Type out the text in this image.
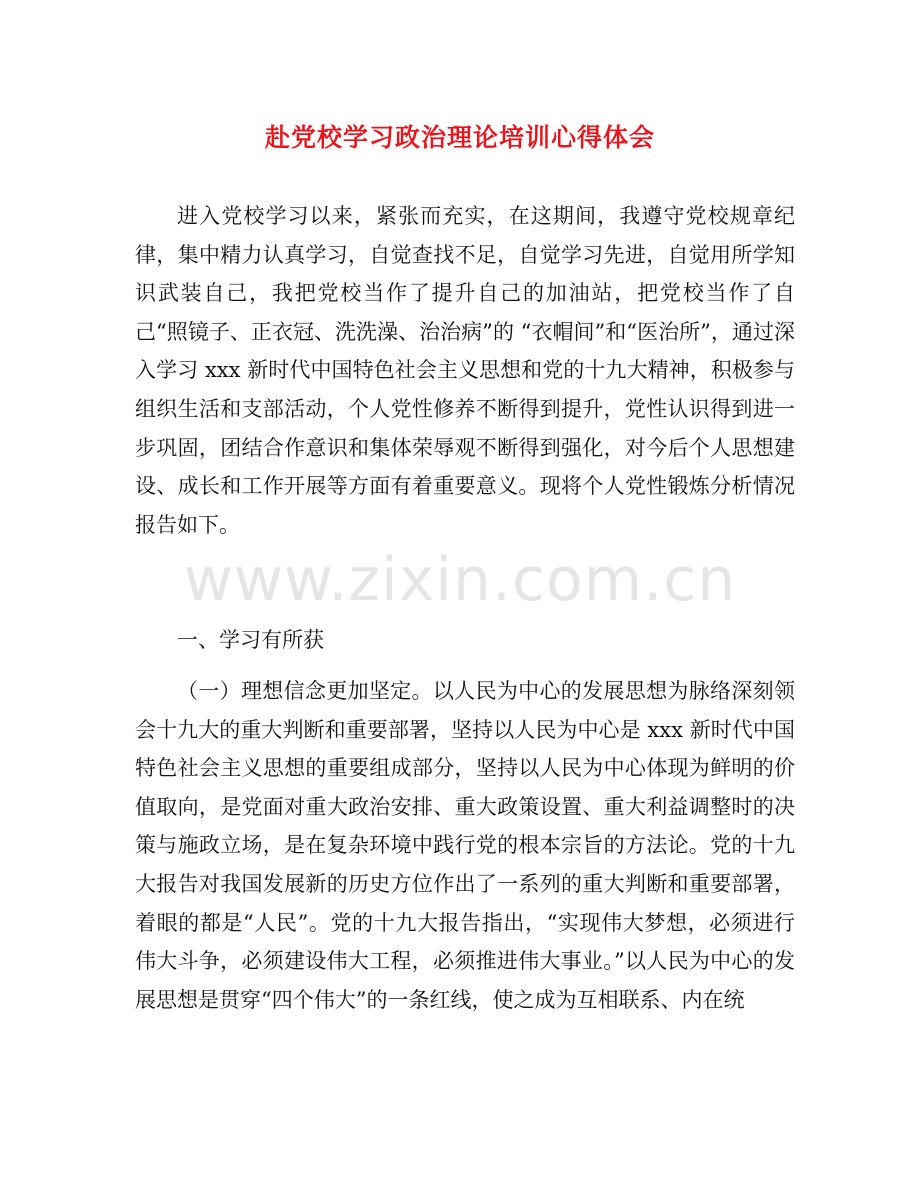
赴党校学习政治理论培训心得体会

进入党校学习以来，紧张而充实，在这期间，我遵守党校规章纪律，集中精力认真学习，自觉查找不足，自觉学习先进，自觉用所学知识武装自己，我把党校当作了提升自己的加油站，把党校当作了自己“照镜子、正衣冠、洗洗澡、治治病”的 “衣帽间”和“医治所”，通过深入学习 xxx 新时代中国特色社会主义思想和党的十九大精神，积极参与组织生活和支部活动，个人党性修养不断得到提升，党性认识得到进一步巩固，团结合作意识和集体荣辱观不断得到强化，对今后个人思想建设、成长和工作开展等方面有着重要意义。现将个人党性锻炼分析情况报告如下。

www.zixin.com.cn
一、学习有所获

（一）理想信念更加坚定。以人民为中心的发展思想为脉络深刻领会十九大的重大判断和重要部署，坚持以人民为中心是 xxx 新时代中国特色社会主义思想的重要组成部分，坚持以人民为中心体现为鲜明的价值取向，是党面对重大政治安排、重大政策设置、重大利益调整时的决策与施政立场，是在复杂环境中践行党的根本宗旨的方法论。党的十九大报告对我国发展新的历史方位作出了一系列的重大判断和重要部署，着眼的都是“人民”。党的十九大报告指出，“实现伟大梦想，必须进行伟大斗争，必须建设伟大工程，必须推进伟大事业。”以人民为中心的发展思想是贯穿“四个伟大”的一条红线，使之成为互相联系、内在统
